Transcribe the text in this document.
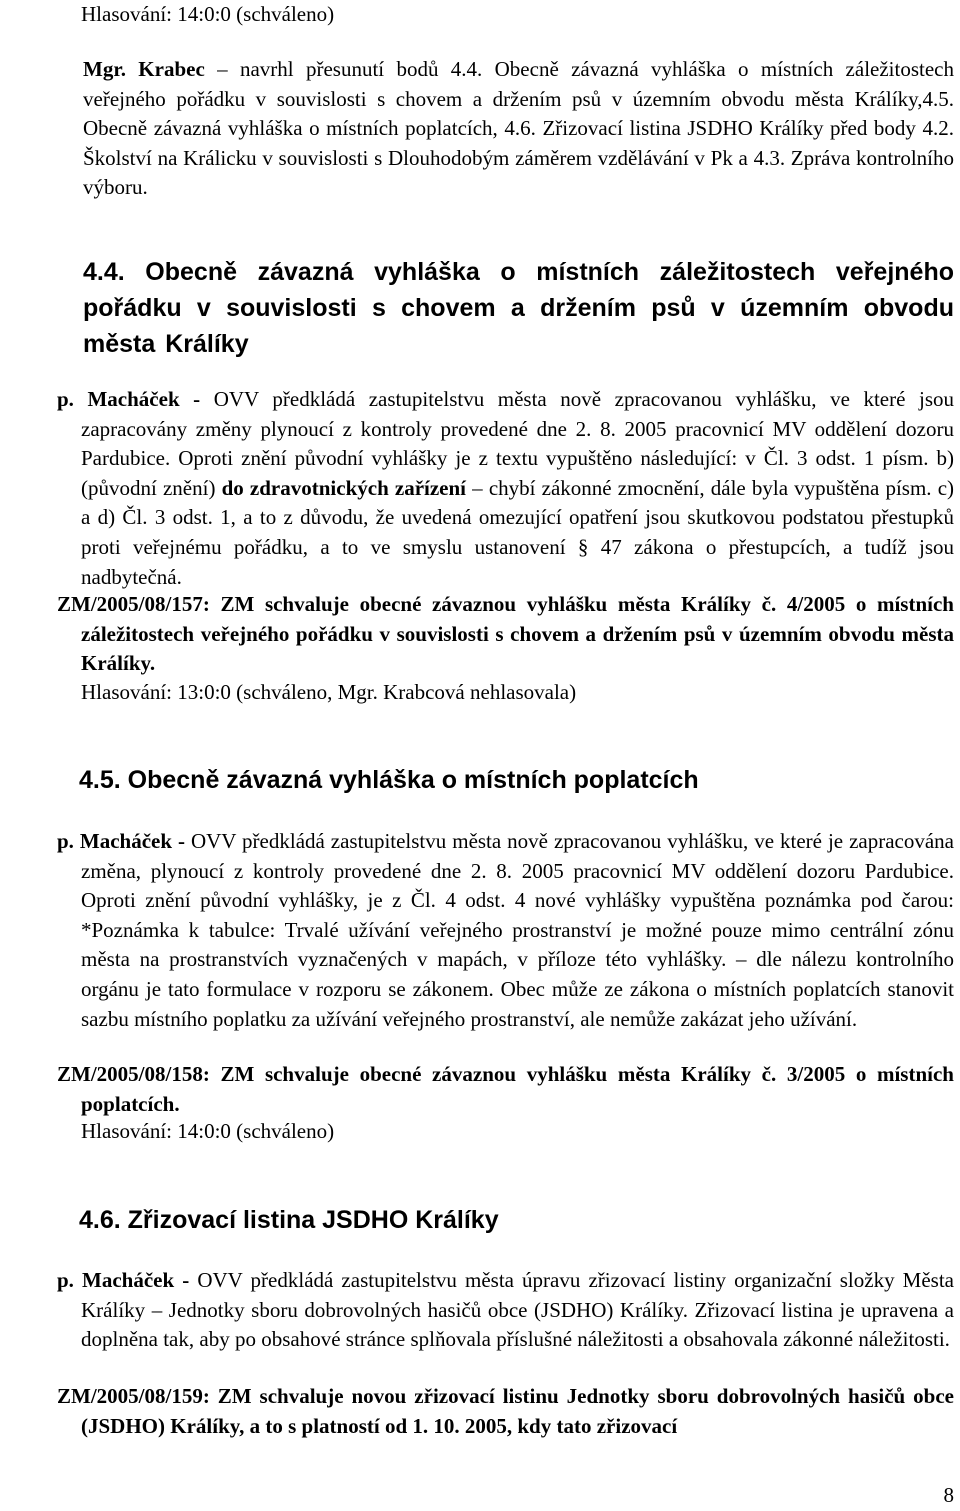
Hlasování: 14:0:0 (schváleno)
Mgr. Krabec – navrhl přesunutí bodů 4.4. Obecně závazná vyhláška o místních záležitostech veřejného pořádku v souvislosti s chovem a držením psů v územním obvodu města Králíky,4.5. Obecně závazná vyhláška o místních poplatcích, 4.6. Zřizovací listina JSDHO Králíky před body 4.2. Školství na Králicku v souvislosti s Dlouhodobým záměrem vzdělávání v Pk a 4.3. Zpráva kontrolního výboru.
4.4. Obecně závazná vyhláška o místních záležitostech veřejného pořádku v souvislosti s chovem a držením psů v územním obvodu města Králíky
p. Macháček - OVV předkládá zastupitelstvu města nově zpracovanou vyhlášku, ve které jsou zapracovány změny plynoucí z kontroly provedené dne 2. 8. 2005 pracovnicí MV oddělení dozoru Pardubice. Oproti znění původní vyhlášky je z textu vypuštěno následující: v Čl. 3 odst. 1 písm. b) (původní znění) do zdravotnických zařízení – chybí zákonné zmocnění, dále byla vypuštěna písm. c) a d) Čl. 3 odst. 1, a to z důvodu, že uvedená omezující opatření jsou skutkovou podstatou přestupků proti veřejnému pořádku, a to ve smyslu ustanovení § 47 zákona o přestupcích, a tudíž jsou nadbytečná.
ZM/2005/08/157: ZM schvaluje obecné závaznou vyhlášku města Králíky č. 4/2005 o místních záležitostech veřejného pořádku v souvislosti s chovem a držením psů v územním obvodu města Králíky.
Hlasování: 13:0:0 (schváleno, Mgr. Krabcová nehlasovala)
4.5. Obecně závazná vyhláška o místních poplatcích
p. Macháček - OVV předkládá zastupitelstvu města nově zpracovanou vyhlášku, ve které je zapracována změna, plynoucí z kontroly provedené dne 2. 8. 2005 pracovnicí MV oddělení dozoru Pardubice. Oproti znění původní vyhlášky, je z Čl. 4 odst. 4 nové vyhlášky vypuštěna poznámka pod čarou: *Poznámka k tabulce: Trvalé užívání veřejného prostranství je možné pouze mimo centrální zónu města na prostranstvích vyznačených v mapách, v příloze této vyhlášky. – dle nálezu kontrolního orgánu je tato formulace v rozporu se zákonem. Obec může ze zákona o místních poplatcích stanovit sazbu místního poplatku za užívání veřejného prostranství, ale nemůže zakázat jeho užívání.
ZM/2005/08/158: ZM schvaluje obecné závaznou vyhlášku města Králíky č. 3/2005 o místních poplatcích.
Hlasování: 14:0:0 (schváleno)
4.6. Zřizovací listina JSDHO Králíky
p. Macháček - OVV předkládá zastupitelstvu města úpravu zřizovací listiny organizační složky Města Králíky – Jednotky sboru dobrovolných hasičů obce (JSDHO) Králíky. Zřizovací listina je upravena a doplněna tak, aby po obsahové stránce splňovala příslušné náležitosti a obsahovala zákonné náležitosti.
ZM/2005/08/159: ZM schvaluje novou zřizovací listinu Jednotky sboru dobrovolných hasičů obce (JSDHO) Králíky, a to s platností od 1. 10. 2005, kdy tato zřizovací
8
